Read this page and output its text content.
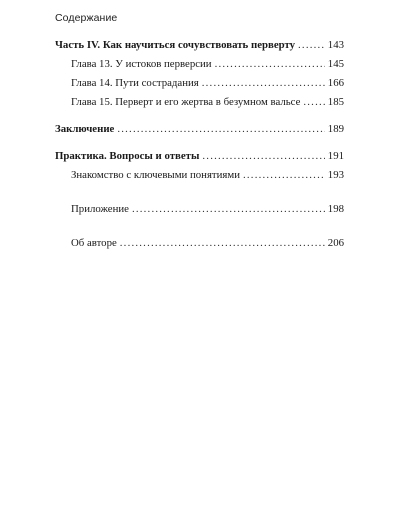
Содержание
Часть IV. Как научиться сочувствовать перверту .....	143
Глава 13. У истоков перверсии .....	145
Глава 14. Пути сострадания .....	166
Глава 15. Перверт и его жертва в безумном вальсе .....	185
Заключение .....	189
Практика. Вопросы и ответы .....	191
Знакомство с ключевыми понятиями .....	193
Приложение .....	198
Об авторе .....	206
